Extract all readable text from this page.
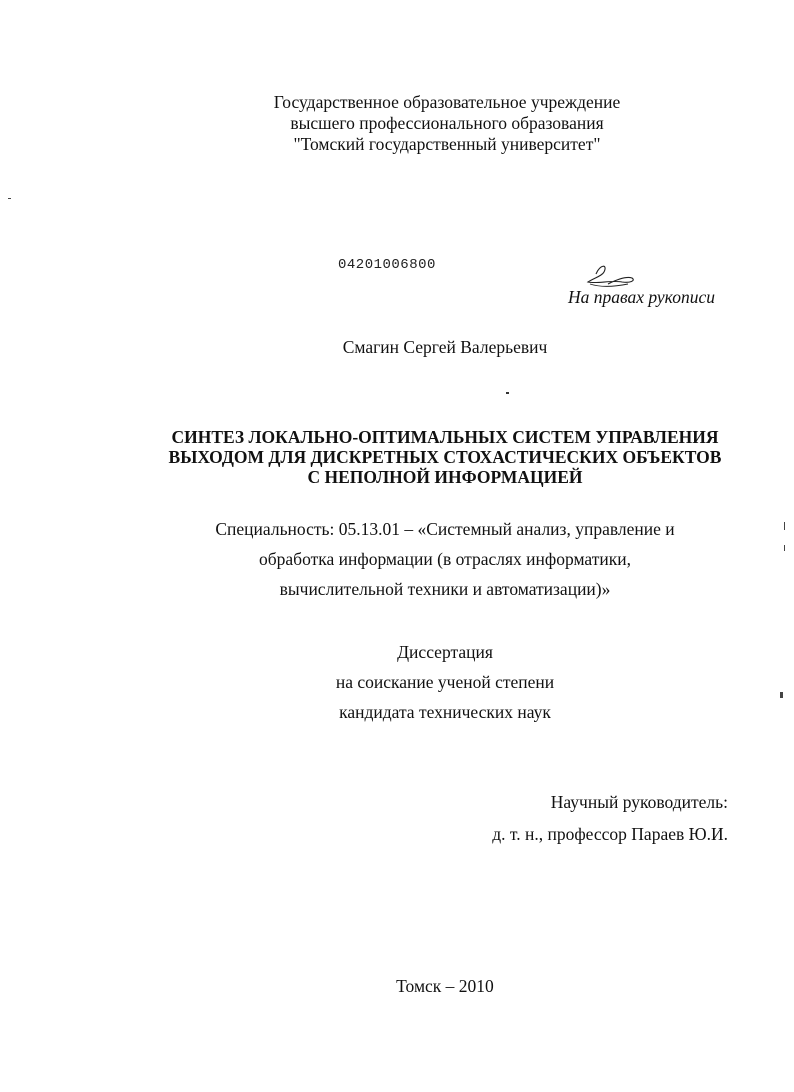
Государственное образовательное учреждение
высшего профессионального образования
"Томский государственный университет"
04201006800
На правах рукописи
Смагин Сергей Валерьевич
СИНТЕЗ ЛОКАЛЬНО-ОПТИМАЛЬНЫХ СИСТЕМ УПРАВЛЕНИЯ
ВЫХОДОМ ДЛЯ ДИСКРЕТНЫХ СТОХАСТИЧЕСКИХ ОБЪЕКТОВ
С НЕПОЛНОЙ ИНФОРМАЦИЕЙ
Специальность: 05.13.01 – «Системный анализ, управление и
обработка информации (в отраслях информатики,
вычислительной техники и автоматизации)»
Диссертация
на соискание ученой степени
кандидата технических наук
Научный руководитель:
д. т. н., профессор Параев Ю.И.
Томск – 2010
